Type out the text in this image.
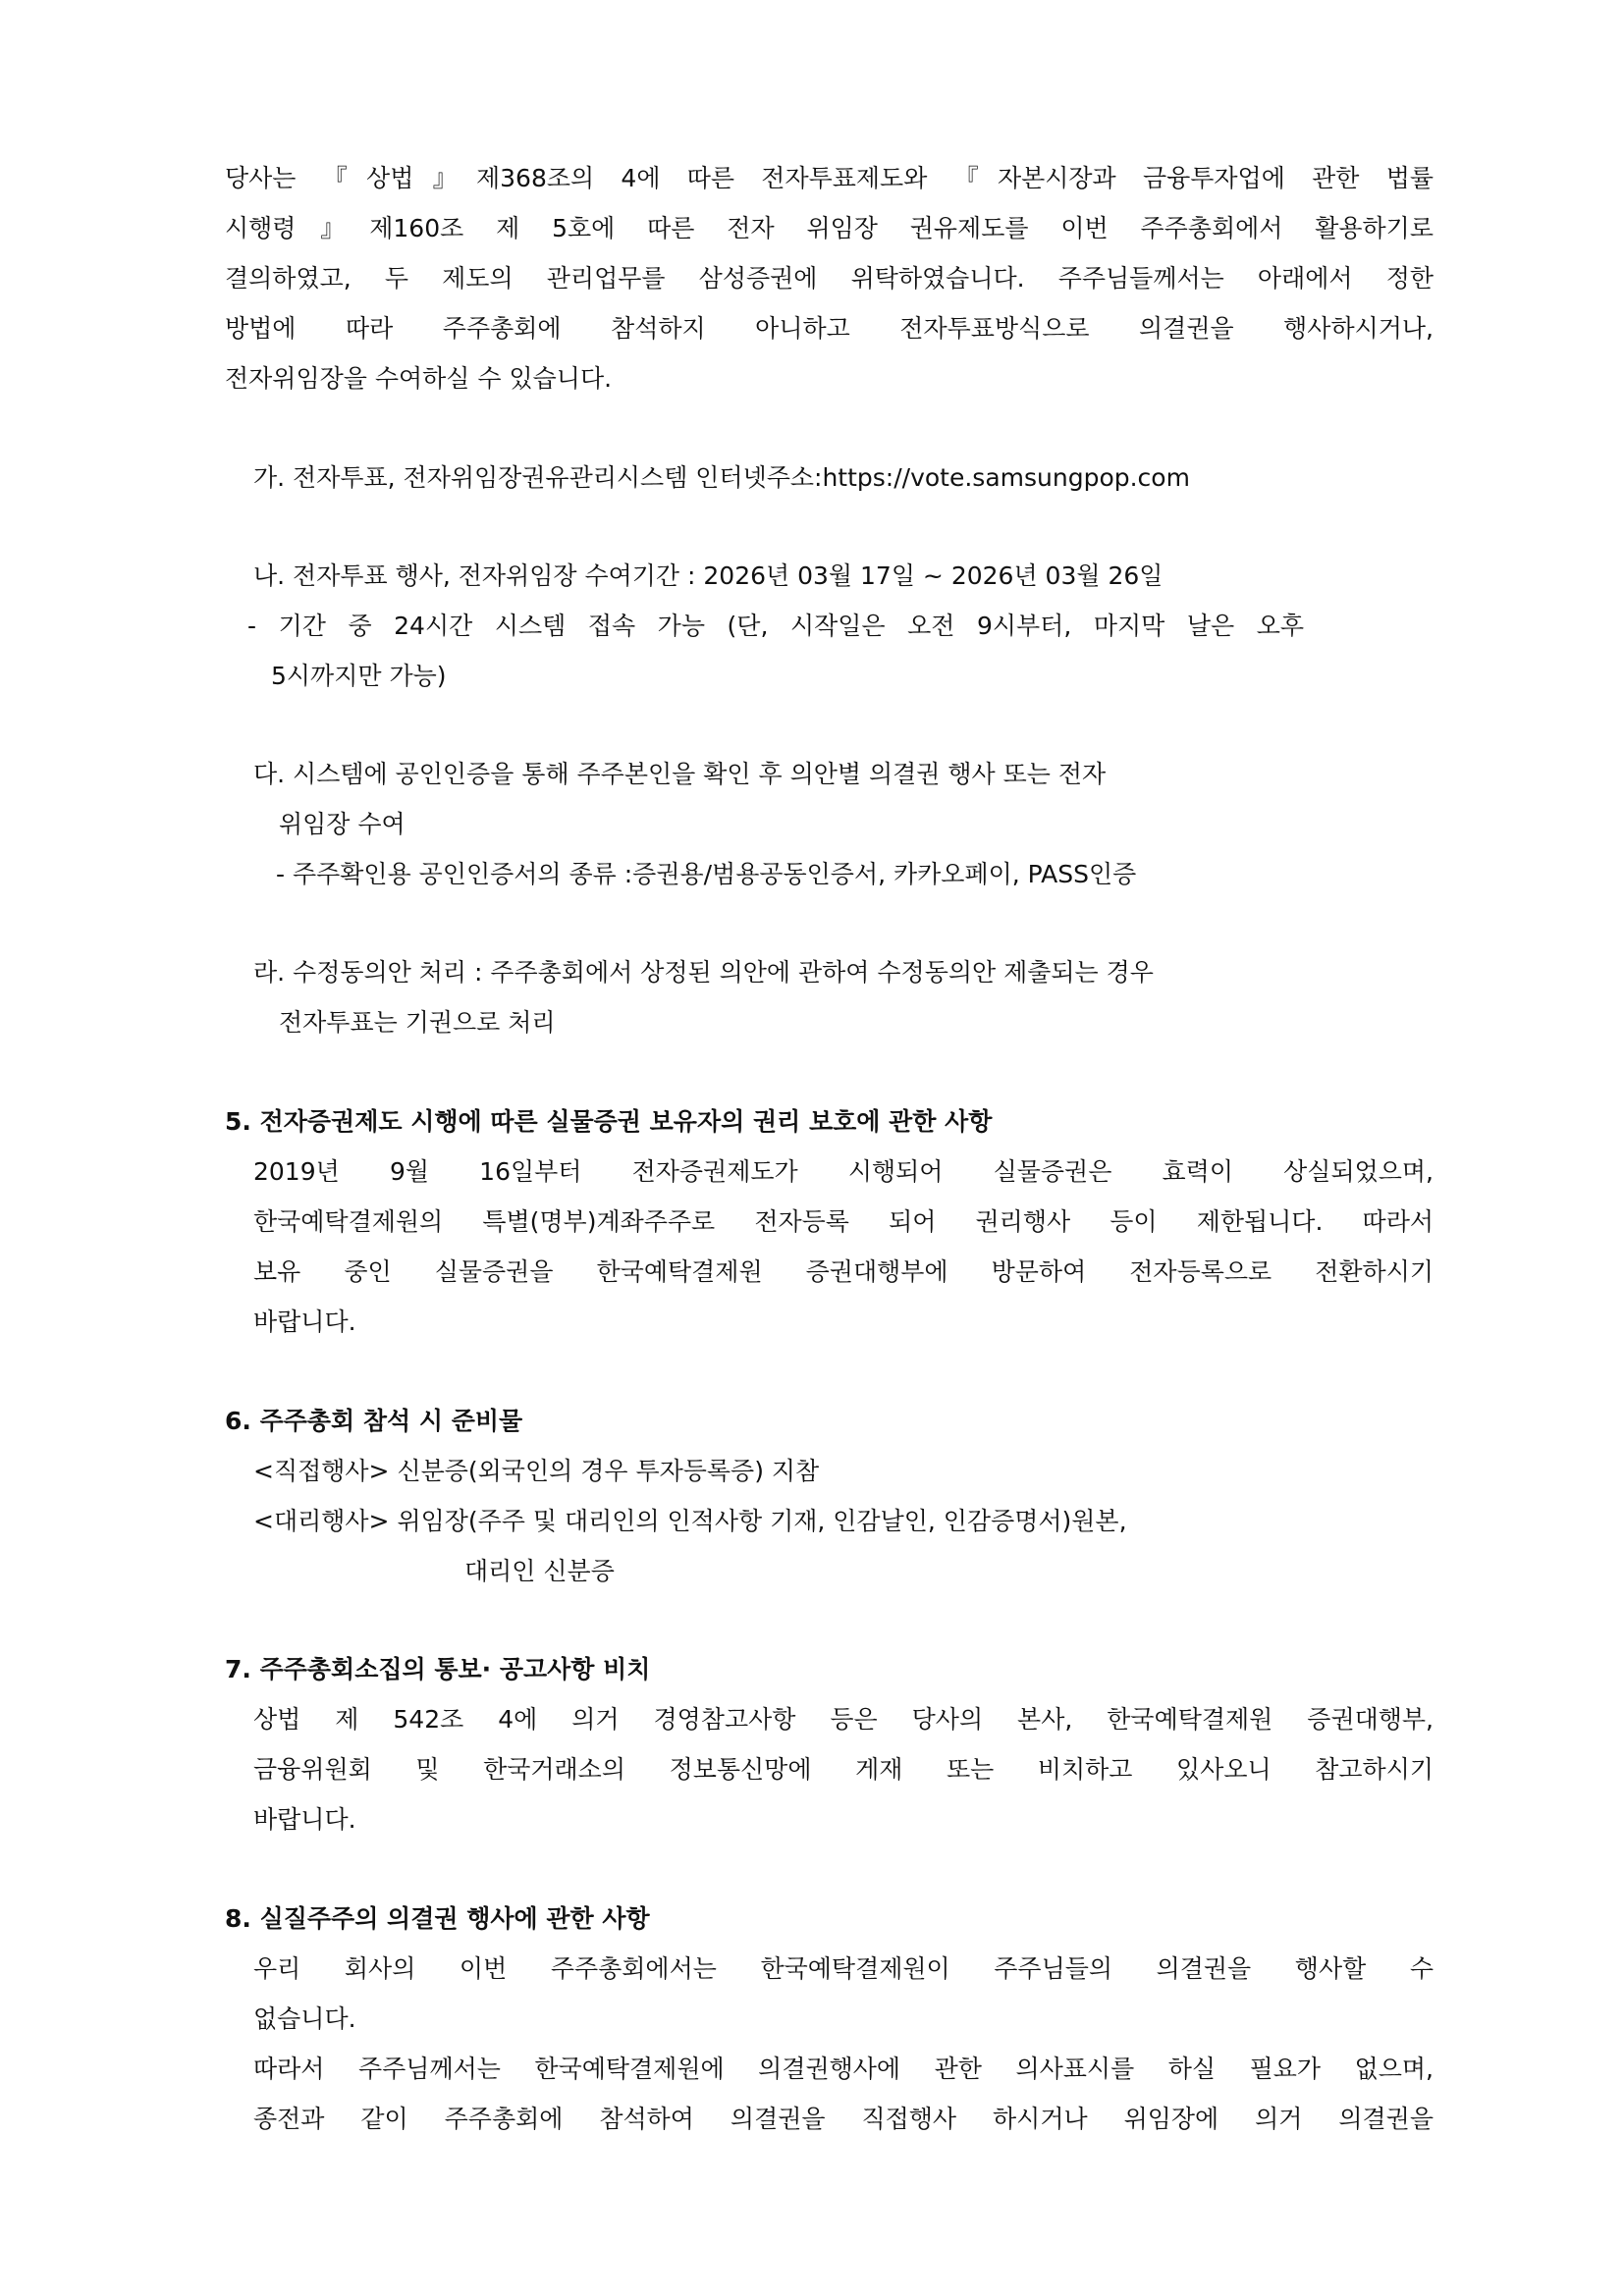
당사는 『상법』제368조의 4에 따른 전자투표제도와 『자본시장과 금융투자업에 관한 법률

시행령』제160조 제 5호에 따른 전자 위임장 권유제도를 이번 주주총회에서 활용하기로

결의하였고, 두 제도의 관리업무를 삼성증권에 위탁하였습니다. 주주님들께서는 아래에서 정한

방법에 따라 주주총회에 참석하지 아니하고 전자투표방식으로 의결권을 행사하시거나,

전자위임장을 수여하실 수 있습니다.

가. 전자투표, 전자위임장권유관리시스템 인터넷주소:https://vote.samsungpop.com

나. 전자투표 행사, 전자위임장 수여기간 : 2026년 03월 17일 ~ 2026년 03월 26일

- 기간 중 24시간 시스템 접속 가능 (단, 시작일은 오전 9시부터, 마지막 날은 오후

5시까지만 가능)

다. 시스템에 공인인증을 통해 주주본인을 확인 후 의안별 의결권 행사 또는 전자

위임장 수여

- 주주확인용 공인인증서의 종류 :증권용/범용공동인증서, 카카오페이, PASS인증

라. 수정동의안 처리 : 주주총회에서 상정된 의안에 관하여 수정동의안 제출되는 경우

전자투표는 기권으로 처리

5. 전자증권제도 시행에 따른 실물증권 보유자의 권리 보호에 관한 사항

2019년 9월 16일부터 전자증권제도가 시행되어 실물증권은 효력이 상실되었으며,

한국예탁결제원의 특별(명부)계좌주주로 전자등록 되어 권리행사 등이 제한됩니다. 따라서

보유 중인 실물증권을 한국예탁결제원 증권대행부에 방문하여 전자등록으로 전환하시기

바랍니다.

6. 주주총회 참석 시 준비물

<직접행사> 신분증(외국인의 경우 투자등록증) 지참

<대리행사> 위임장(주주 및 대리인의 인적사항 기재, 인감날인, 인감증명서)원본,

대리인 신분증

7. 주주총회소집의 통보· 공고사항 비치

상법 제 542조 4에 의거 경영참고사항 등은 당사의 본사, 한국예탁결제원 증권대행부,

금융위원회 및 한국거래소의 정보통신망에 게재 또는 비치하고 있사오니 참고하시기

바랍니다.

8. 실질주주의 의결권 행사에 관한 사항

우리 회사의 이번 주주총회에서는 한국예탁결제원이 주주님들의 의결권을 행사할 수

없습니다.

따라서 주주님께서는 한국예탁결제원에 의결권행사에 관한 의사표시를 하실 필요가 없으며,

종전과 같이 주주총회에 참석하여 의결권을 직접행사 하시거나 위임장에 의거 의결권을
